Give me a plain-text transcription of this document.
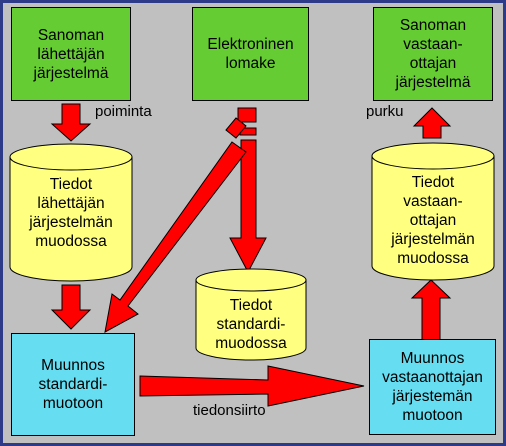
Sanoman
lähettäjän
järjestelmä
Elektroninen
lomake
Sanoman
vastaan-
ottajan
järjestelmä
Muunnos
standardi-
muotoon
Muunnos
vastaanottajan
järjestemän
muotoon
Tiedot
lähettäjän
järjestelmän
muodossa
Tiedot
standardi-
muodossa
Tiedot
vastaan-
ottajan
järjestelmän
muodossa
poiminta	purku
tiedonsiirto
